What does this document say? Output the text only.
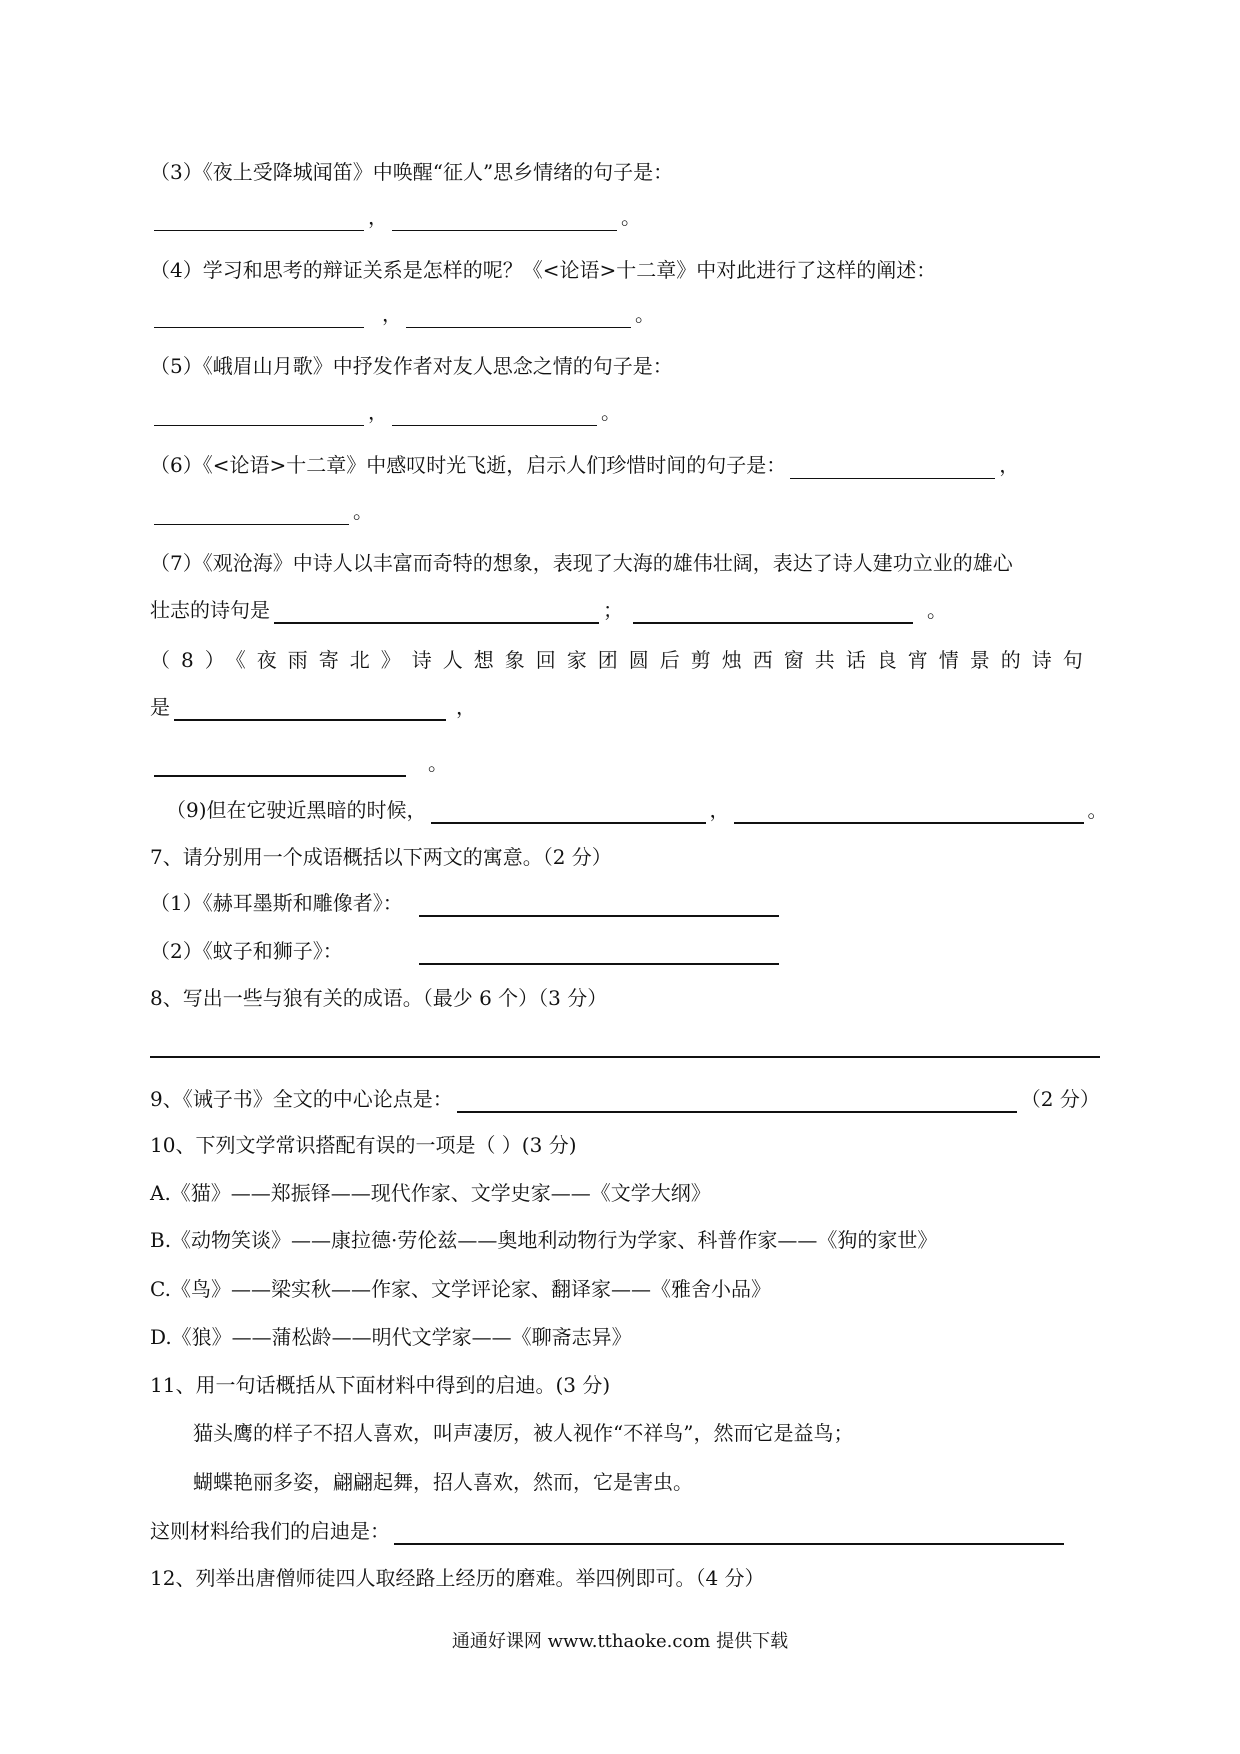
（3）《夜上受降城闻笛》中唤醒“征人”思乡情绪的句子是：
，	。
（4）学习和思考的辩证关系是怎样的呢？《<论语>十二章》中对此进行了这样的阐述：
，	。
（5）《峨眉山月歌》中抒发作者对友人思念之情的句子是：
，	。
（6）《<论语>十二章》中感叹时光飞逝，启示人们珍惜时间的句子是：	，
。
（7）《观沧海》中诗人以丰富而奇特的想象，表现了大海的雄伟壮阔，表达了诗人建功立业的雄心
壮志的诗句是	；	。
（8）《夜雨寄北》诗人想象回家团圆后剪烛西窗共话良宵情景的诗句
是	，
。
（9)但在它驶近黑暗的时候，	，	。
7、请分别用一个成语概括以下两文的寓意。（2 分）
（1）《赫耳墨斯和雕像者》：
（2）《蚊子和狮子》：
8、写出一些与狼有关的成语。（最少 6 个）（3 分）
9、《诫子书》全文的中心论点是：	（2 分）
10、下列文学常识搭配有误的一项是（ ）(3 分)
A.《猫》——郑振铎——现代作家、文学史家——《文学大纲》
B.《动物笑谈》——康拉德·劳伦兹——奥地利动物行为学家、科普作家——《狗的家世》
C.《鸟》——梁实秋——作家、文学评论家、翻译家——《雅舍小品》
D.《狼》——蒲松龄——明代文学家——《聊斋志异》
11、用一句话概括从下面材料中得到的启迪。(3 分)
猫头鹰的样子不招人喜欢，叫声凄厉，被人视作“不祥鸟”，然而它是益鸟；
蝴蝶艳丽多姿，翩翩起舞，招人喜欢，然而，它是害虫。
这则材料给我们的启迪是：
12、列举出唐僧师徒四人取经路上经历的磨难。举四例即可。（4 分）
通通好课网 www.tthaoke.com 提供下载
